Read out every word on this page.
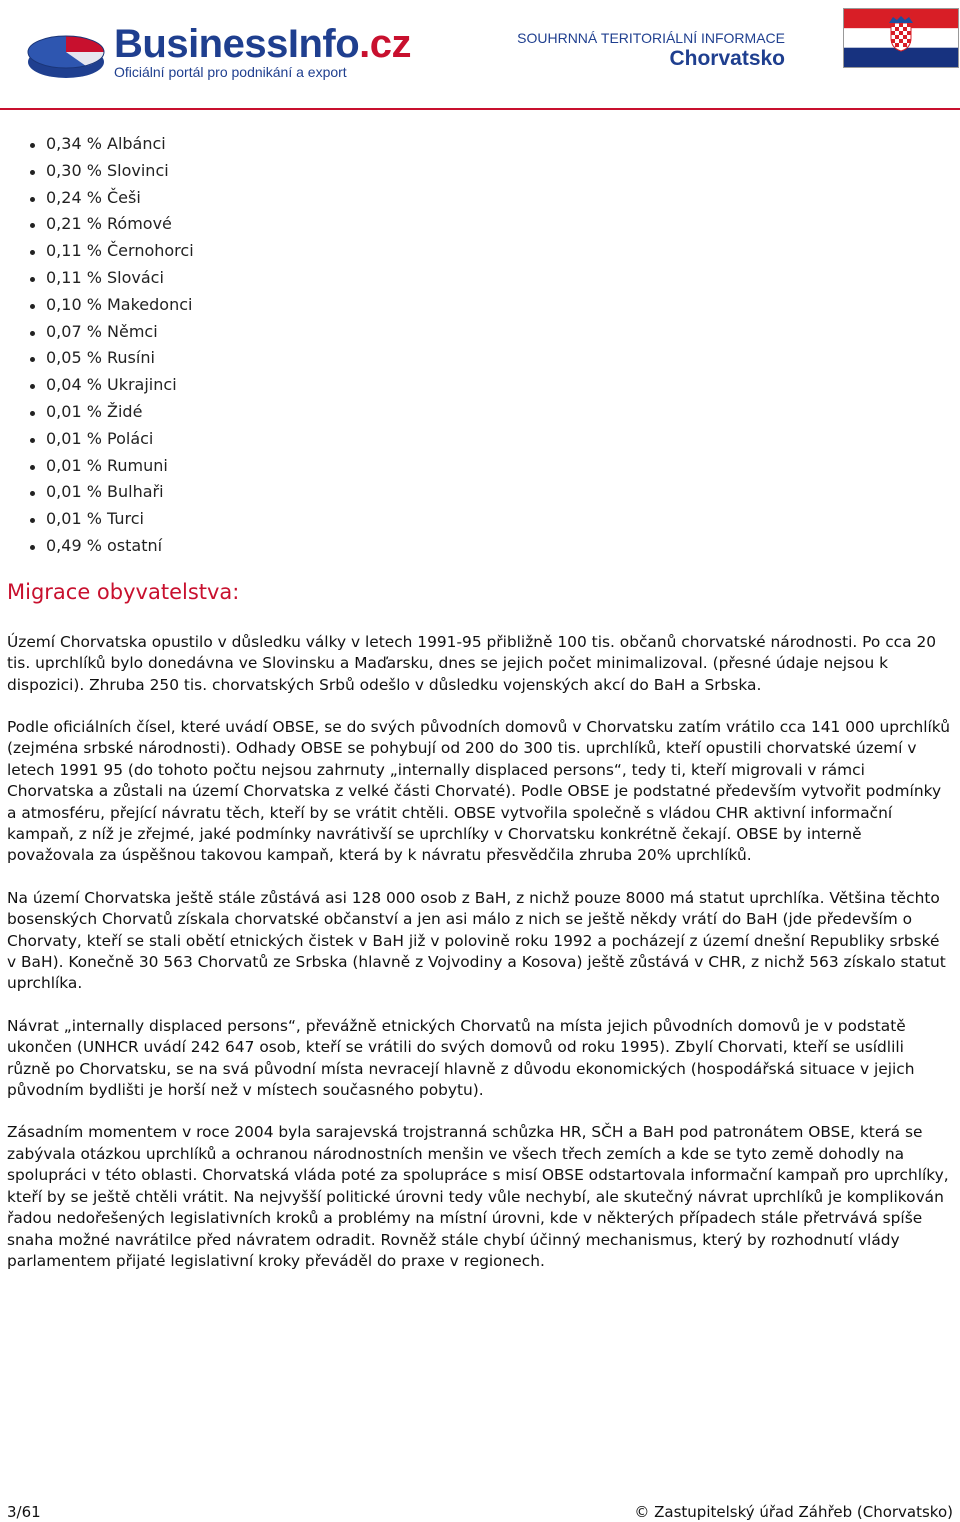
BusinessInfo.cz
Oficiální portál pro podnikání a export
SOUHRNNÁ TERITORIÁLNÍ INFORMACE
Chorvatsko
0,34 % Albánci
0,30 % Slovinci
0,24 % Češi
0,21 % Rómové
0,11 % Černohorci
0,11 % Slováci
0,10 % Makedonci
0,07 % Němci
0,05 % Rusíni
0,04 % Ukrajinci
0,01 % Židé
0,01 % Poláci
0,01 % Rumuni
0,01 % Bulhaři
0,01 % Turci
0,49 % ostatní
Migrace obyvatelstva:

Území Chorvatska opustilo v důsledku války v letech 1991-95 přibližně 100 tis. občanů chorvatské národnosti. Po cca 20 tis. uprchlíků bylo donedávna ve Slovinsku a Maďarsku, dnes se jejich počet minimalizoval. (přesné údaje nejsou k dispozici). Zhruba 250 tis. chorvatských Srbů odešlo v důsledku vojenských akcí do BaH a Srbska.

Podle oficiálních čísel, které uvádí OBSE, se do svých původních domovů v Chorvatsku zatím vrátilo cca 141 000 uprchlíků (zejména srbské národnosti). Odhady OBSE se pohybují od 200 do 300 tis. uprchlíků, kteří opustili chorvatské území v letech 1991 95 (do tohoto počtu nejsou zahrnuty „internally displaced persons“, tedy ti, kteří migrovali v rámci Chorvatska a zůstali na území Chorvatska z velké části Chorvaté). Podle OBSE je podstatné především vytvořit podmínky a atmosféru, přející návratu těch, kteří by se vrátit chtěli. OBSE vytvořila společně s vládou CHR aktivní informační kampaň, z níž je zřejmé, jaké podmínky navrátivší se uprchlíky v Chorvatsku konkrétně čekají. OBSE by interně považovala za úspěšnou takovou kampaň, která by k návratu přesvědčila zhruba 20% uprchlíků.

Na území Chorvatska ještě stále zůstává asi 128 000 osob z BaH, z nichž pouze 8000 má statut uprchlíka. Většina těchto bosenských Chorvatů získala chorvatské občanství a jen asi málo z nich se ještě někdy vrátí do BaH (jde především o Chorvaty, kteří se stali obětí etnických čistek v BaH již v polovině roku 1992 a pocházejí z území dnešní Republiky srbské v BaH). Konečně 30 563 Chorvatů ze Srbska (hlavně z Vojvodiny a Kosova) ještě zůstává v CHR, z nichž 563 získalo statut uprchlíka.

Návrat „internally displaced persons“, převážně etnických Chorvatů na místa jejich původních domovů je v podstatě ukončen (UNHCR uvádí 242 647 osob, kteří se vrátili do svých domovů od roku 1995). Zbylí Chorvati, kteří se usídlili různě po Chorvatsku, se na svá původní místa nevracejí hlavně z důvodu ekonomických (hospodářská situace v jejich původním bydlišti je horší než v místech současného pobytu).

Zásadním momentem v roce 2004 byla sarajevská trojstranná schůzka HR, SČH a BaH pod patronátem OBSE, která se zabývala otázkou uprchlíků a ochranou národnostních menšin ve všech třech zemích a kde se tyto země dohodly na spolupráci v této oblasti. Chorvatská vláda poté za spolupráce s misí OBSE odstartovala informační kampaň pro uprchlíky, kteří by se ještě chtěli vrátit. Na nejvyšší politické úrovni tedy vůle nechybí, ale skutečný návrat uprchlíků je komplikován řadou nedořešených legislativních kroků a problémy na místní úrovni, kde v některých případech stále přetrvává spíše snaha možné navrátilce před návratem odradit. Rovněž stále chybí účinný mechanismus, který by rozhodnutí vlády parlamentem přijaté legislativní kroky převáděl do praxe v regionech.

3/61	© Zastupitelský úřad Záhřeb (Chorvatsko)
